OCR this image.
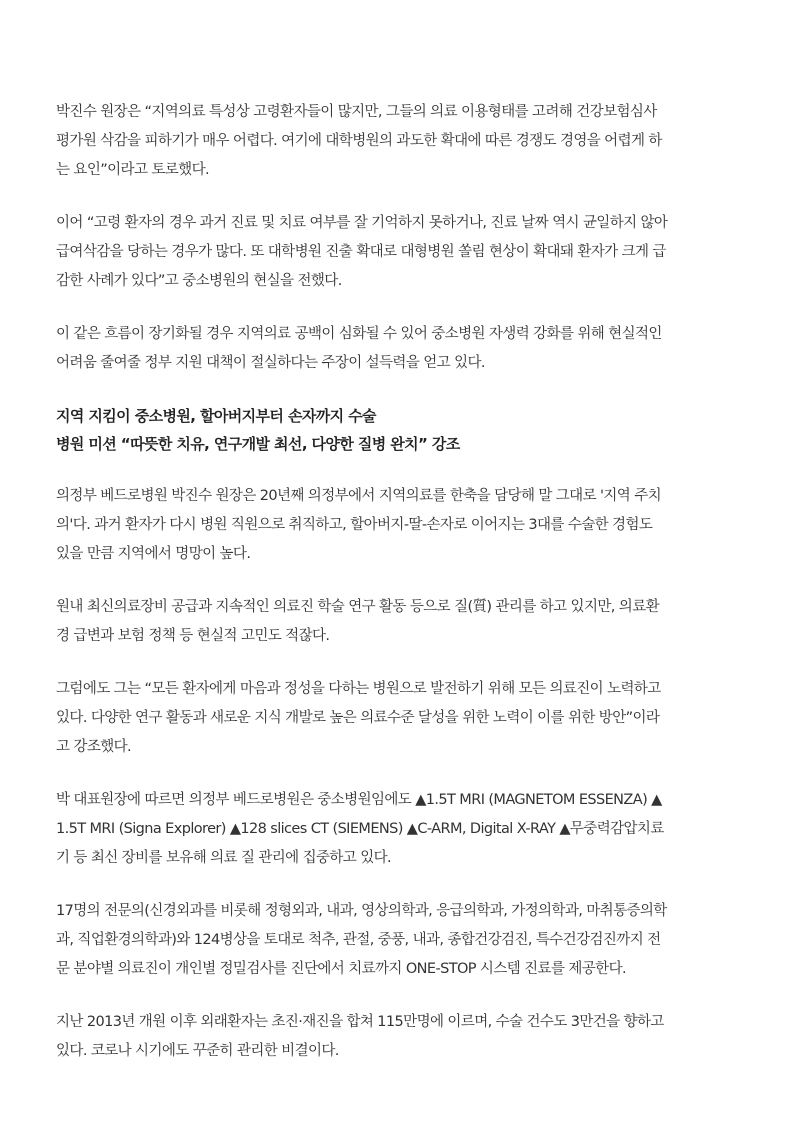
박진수 원장은 “지역의료 특성상 고령환자들이 많지만, 그들의 의료 이용형태를 고려해 건강보험심사
평가원 삭감을 피하기가 매우 어렵다. 여기에 대학병원의 과도한 확대에 따른 경쟁도 경영을 어렵게 하
는 요인”이라고 토로했다.

이어 “고령 환자의 경우 과거 진료 및 치료 여부를 잘 기억하지 못하거나, 진료 날짜 역시 균일하지 않아
급여삭감을 당하는 경우가 많다. 또 대학병원 진출 확대로 대형병원 쏠림 현상이 확대돼 환자가 크게 급
감한 사례가 있다”고 중소병원의 현실을 전했다.

이 같은 흐름이 장기화될 경우 지역의료 공백이 심화될 수 있어 중소병원 자생력 강화를 위해 현실적인
어려움 줄여줄 정부 지원 대책이 절실하다는 주장이 설득력을 얻고 있다.

지역 지킴이 중소병원, 할아버지부터 손자까지 수술
병원 미션 “따뜻한 치유, 연구개발 최선, 다양한 질병 완치” 강조

의정부 베드로병원 박진수 원장은 20년째 의정부에서 지역의료를 한축을 담당해 말 그대로 '지역 주치
의'다. 과거 환자가 다시 병원 직원으로 취직하고, 할아버지-딸-손자로 이어지는 3대를 수술한 경험도
있을 만큼 지역에서 명망이 높다.

원내 최신의료장비 공급과 지속적인 의료진 학술 연구 활동 등으로 질(質) 관리를 하고 있지만, 의료환
경 급변과 보험 정책 등 현실적 고민도 적잖다.

그럼에도 그는 “모든 환자에게 마음과 정성을 다하는 병원으로 발전하기 위해 모든 의료진이 노력하고
있다. 다양한 연구 활동과 새로운 지식 개발로 높은 의료수준 달성을 위한 노력이 이를 위한 방안”이라
고 강조했다.

박 대표원장에 따르면 의정부 베드로병원은 중소병원임에도 ▲1.5T MRI (MAGNETOM ESSENZA) ▲
1.5T MRI (Signa Explorer) ▲128 slices CT (SIEMENS) ▲C-ARM, Digital X-RAY ▲무중력감압치료
기 등 최신 장비를 보유해 의료 질 관리에 집중하고 있다.

17명의 전문의(신경외과를 비롯해 정형외과, 내과, 영상의학과, 응급의학과, 가정의학과, 마취통증의학
과, 직업환경의학과)와 124병상을 토대로 척추, 관절, 중풍, 내과, 종합건강검진, 특수건강검진까지 전
문 분야별 의료진이 개인별 정밀검사를 진단에서 치료까지 ONE-STOP 시스템 진료를 제공한다.

지난 2013년 개원 이후 외래환자는 초진·재진을 합쳐 115만명에 이르며, 수술 건수도 3만건을 향하고
있다. 코로나 시기에도 꾸준히 관리한 비결이다.
